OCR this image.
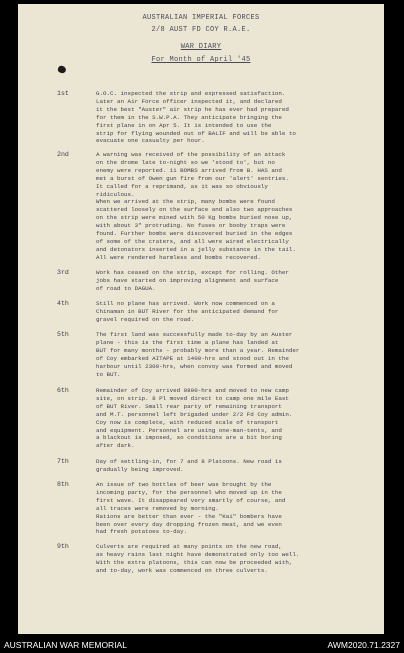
AUSTRALIAN IMPERIAL FORCES
2/8 AUST FD COY R.A.E.
WAR DIARY
For Month of April '45
1st	G.O.C. inspected the strip and expressed satisfaction.
Later an Air Force officer inspected it, and declared
it the best "Auster" air strip he has ever had prepared
for them in the S.W.P.A. They anticipate bringing the
first plane in on Apr 5. It is intended to use the
strip for flying wounded out of BALIF and will be able to
evacuate one casualty per hour.
2nd	A warning was received of the possibility of an attack
on the drome late to-night so we 'stood to', but no
enemy were reported. 11 BOMBS arrived from B. HAS and
met a burst of Owen gun fire from our 'alert' sentries.
It called for a reprimand, as it was so obviously
ridiculous.
When we arrived at the strip, many bombs were found
scattered loosely on the surface and also two approaches
on the strip were mined with 50 Kg bombs buried nose up,
with about 3" protruding. No fuses or booby traps were
found. Further bombs were discovered buried in the edges
of some of the craters, and all were wired electrically
and detonators inserted in a jelly substance in the tail.
All were rendered harmless and bombs recovered.
3rd	Work has ceased on the strip, except for rolling. Other
jobs have started on improving alignment and surface
of road to DAGUA.
4th	Still no plane has arrived. Work now commenced on a
Chinaman in BUT River for the anticipated demand for
gravel required on the road.
5th	The first land was successfully made to-day by an Auster
plane - this is the first time a plane has landed at
BUT for many months - probably more than a year. Remainder
of Coy embarked AITAPE at 1400-hrs and stood out in the
harbour until 2300-hrs, when convoy was formed and moved
to BUT.
6th	Remainder of Coy arrived 0800-hrs and moved to new camp
site, on strip. 8 Pl moved direct to camp one mile East
of BUT River. Small rear party of remaining transport
and M.T. personnel left brigaded under 2/2 Fd Coy admin.
Coy now is complete, with reduced scale of transport
and equipment. Personnel are using one-man-tents, and
a blackout is imposed, so conditions are a bit boring
after dark.
7th	Day of settling-in, for 7 and 8 Platoons. New road is
gradually being improved.
8th	An issue of two bottles of beer was brought by the
incoming party, for the personnel who moved up in the
first wave. It disappeared very smartly of course, and
all traces were removed by morning.
Rations are better than ever - the "Kai" bombers have
been over every day dropping frozen meat, and we even
had fresh potatoes to-day.
9th	Culverts are required at many points on the new road,
as heavy rains last night have demonstrated only too well.
With the extra platoons, this can now be proceeded with,
and to-day, work was commenced on three culverts.
AUSTRALIAN WAR MEMORIAL	AWM2020.71.2327
